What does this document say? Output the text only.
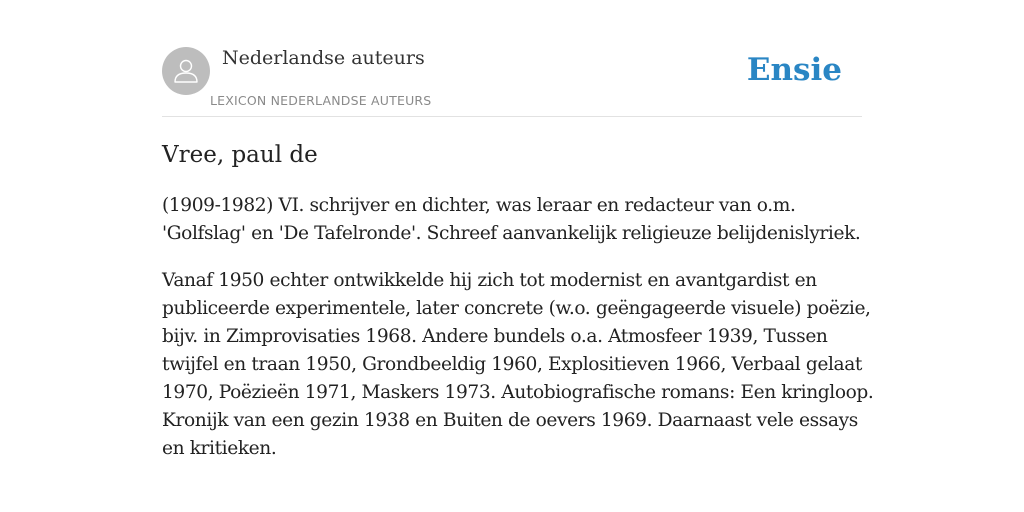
Nederlandse auteurs
LEXICON NEDERLANDSE AUTEURS
Ensie
Vree, paul de

(1909-1982) VI. schrijver en dichter, was leraar en redacteur van o.m. 'Golfslag' en 'De Tafelronde'. Schreef aanvankelijk religieuze belijdenislyriek.

Vanaf 1950 echter ontwikkelde hij zich tot modernist en avantgardist en publiceerde experimentele, later concrete (w.o. geëngageerde visuele) poëzie, bijv. in Zimprovisaties 1968. Andere bundels o.a. Atmosfeer 1939, Tussen twijfel en traan 1950, Grondbeeldig 1960, Explositieven 1966, Verbaal gelaat 1970, Poëzieën 1971, Maskers 1973. Autobiografische romans: Een kringloop. Kronijk van een gezin 1938 en Buiten de oevers 1969. Daarnaast vele essays en kritieken.
